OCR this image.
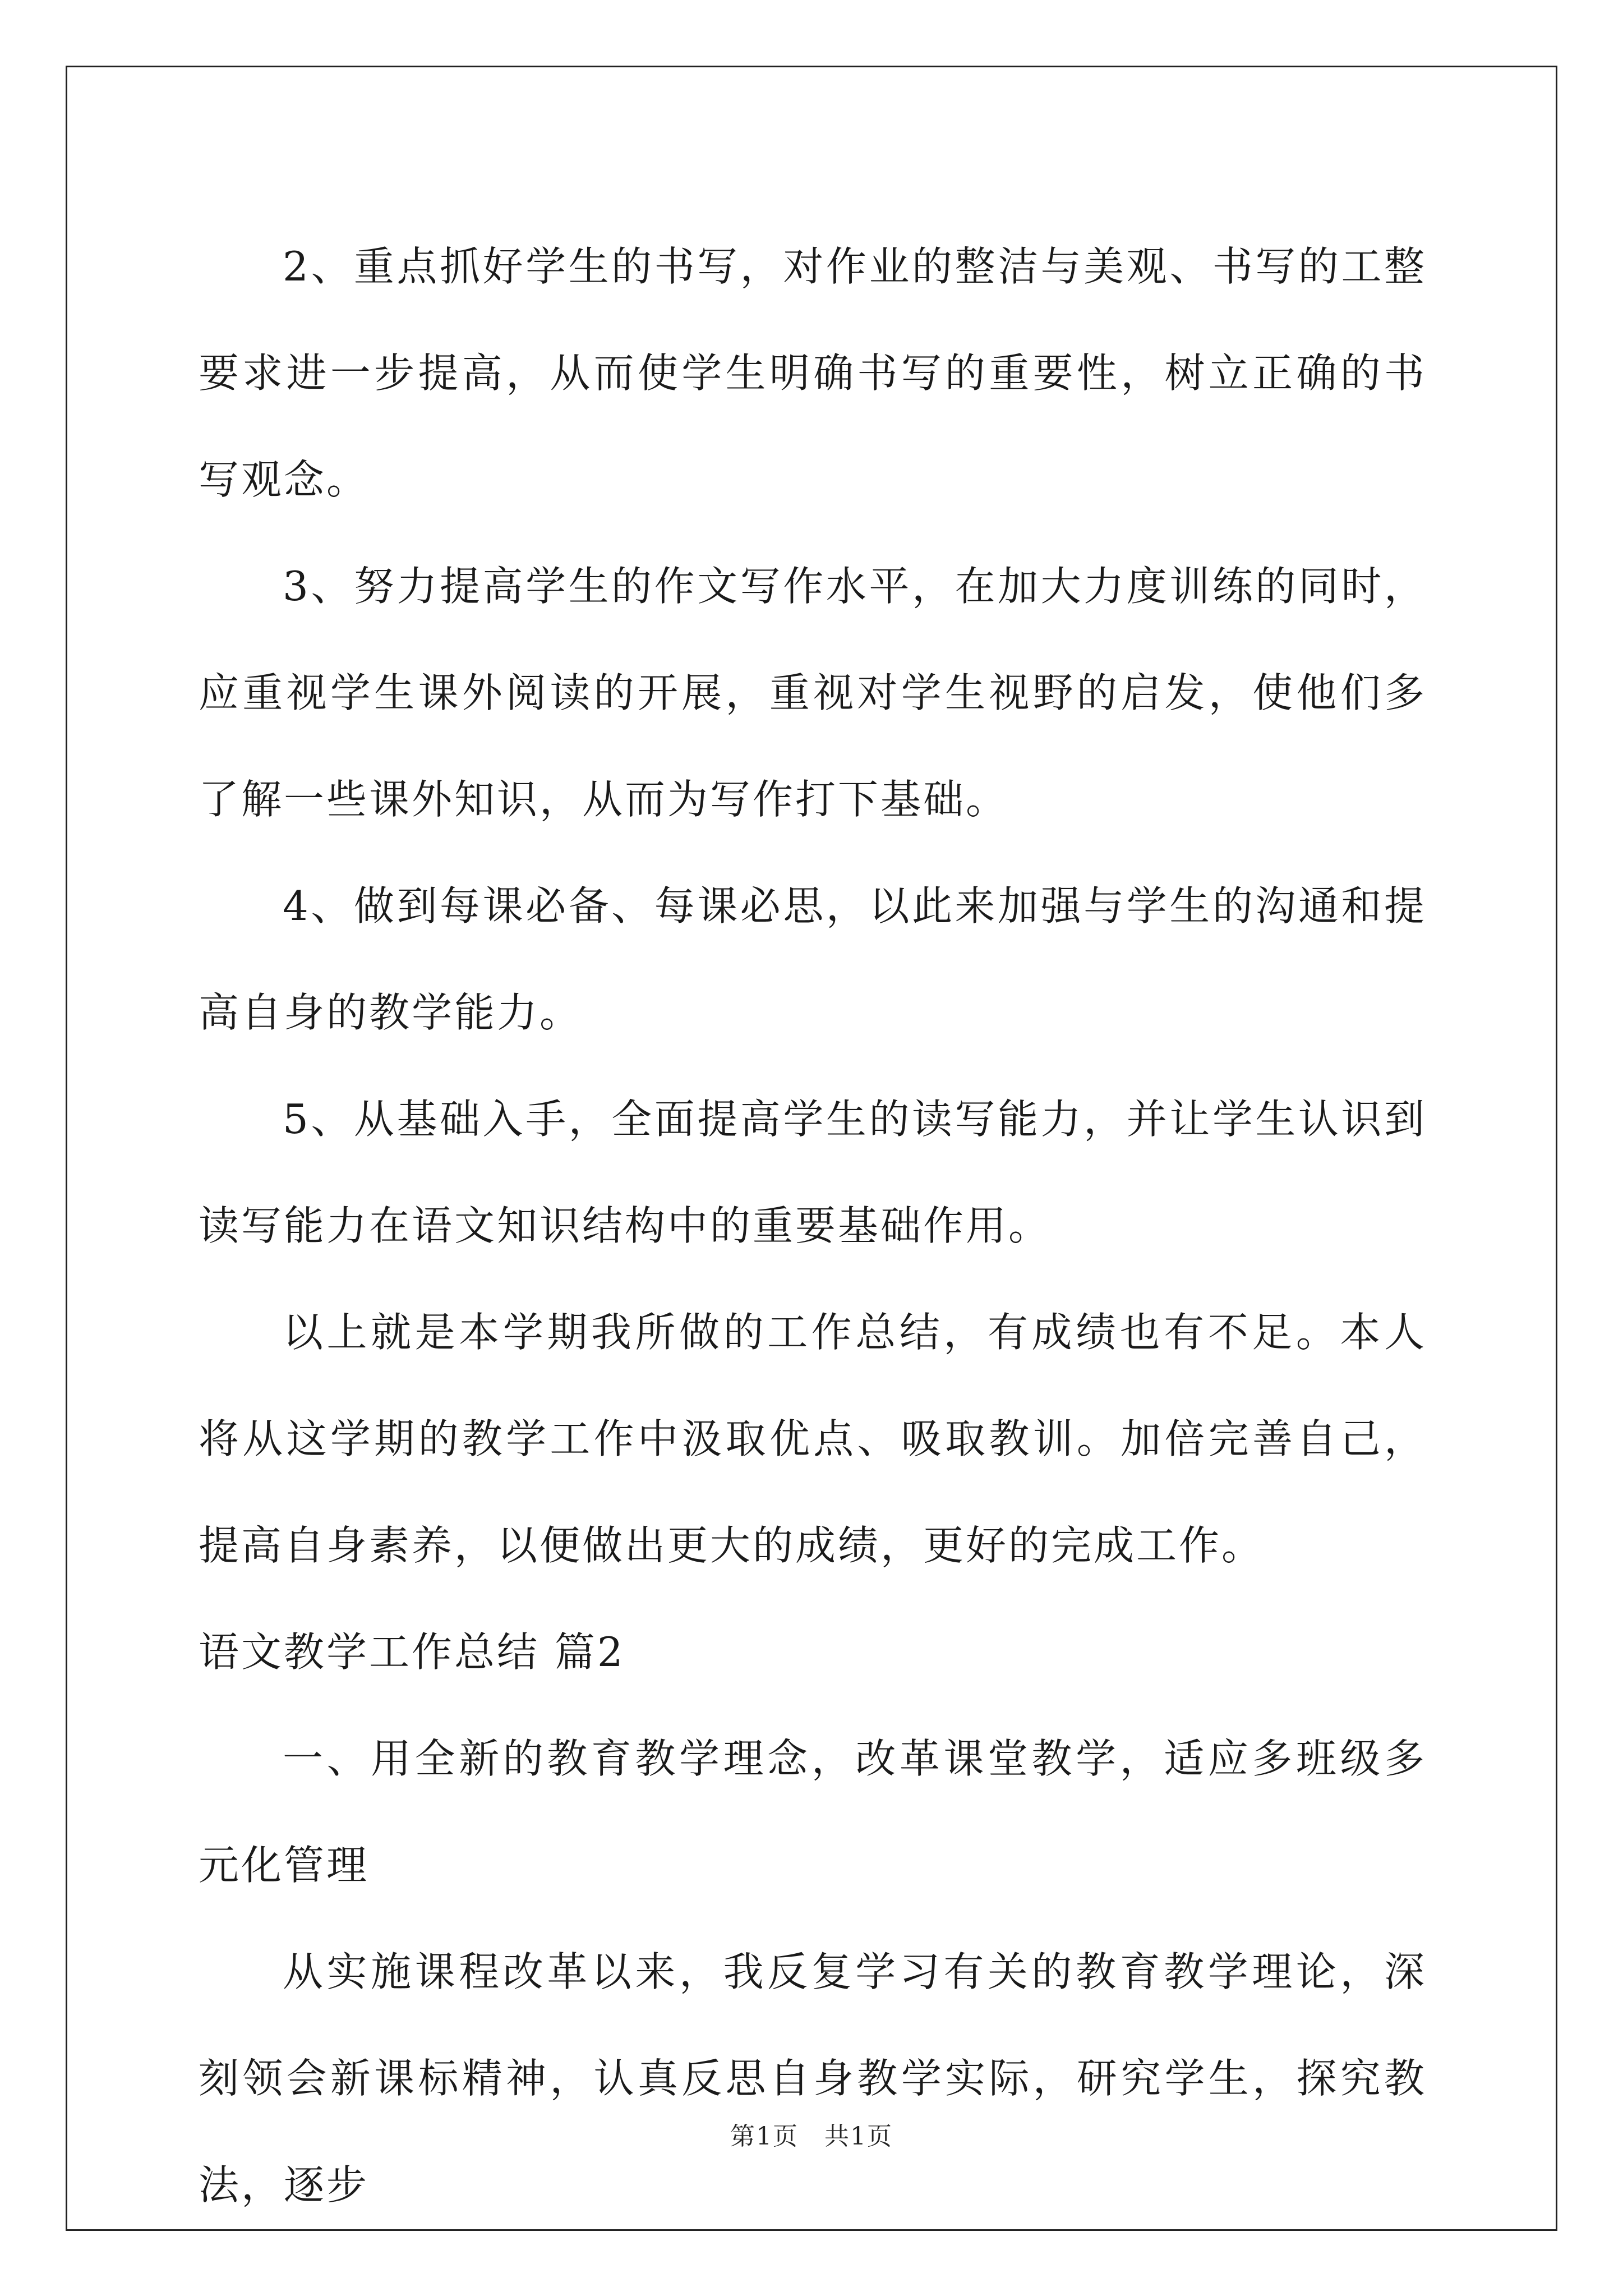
2、重点抓好学生的书写，对作业的整洁与美观、书写的工整要求进一步提高，从而使学生明确书写的重要性，树立正确的书写观念。

3、努力提高学生的作文写作水平，在加大力度训练的同时，应重视学生课外阅读的开展，重视对学生视野的启发，使他们多了解一些课外知识，从而为写作打下基础。

4、做到每课必备、每课必思，以此来加强与学生的沟通和提高自身的教学能力。

5、从基础入手，全面提高学生的读写能力，并让学生认识到读写能力在语文知识结构中的重要基础作用。

以上就是本学期我所做的工作总结，有成绩也有不足。本人将从这学期的教学工作中汲取优点、吸取教训。加倍完善自己，提高自身素养，以便做出更大的成绩，更好的完成工作。

语文教学工作总结 篇2

一、用全新的教育教学理念，改革课堂教学，适应多班级多元化管理

从实施课程改革以来，我反复学习有关的教育教学理论，深刻领会新课标精神，认真反思自身教学实际，研究学生，探究教法，逐步

第1页　共1页
